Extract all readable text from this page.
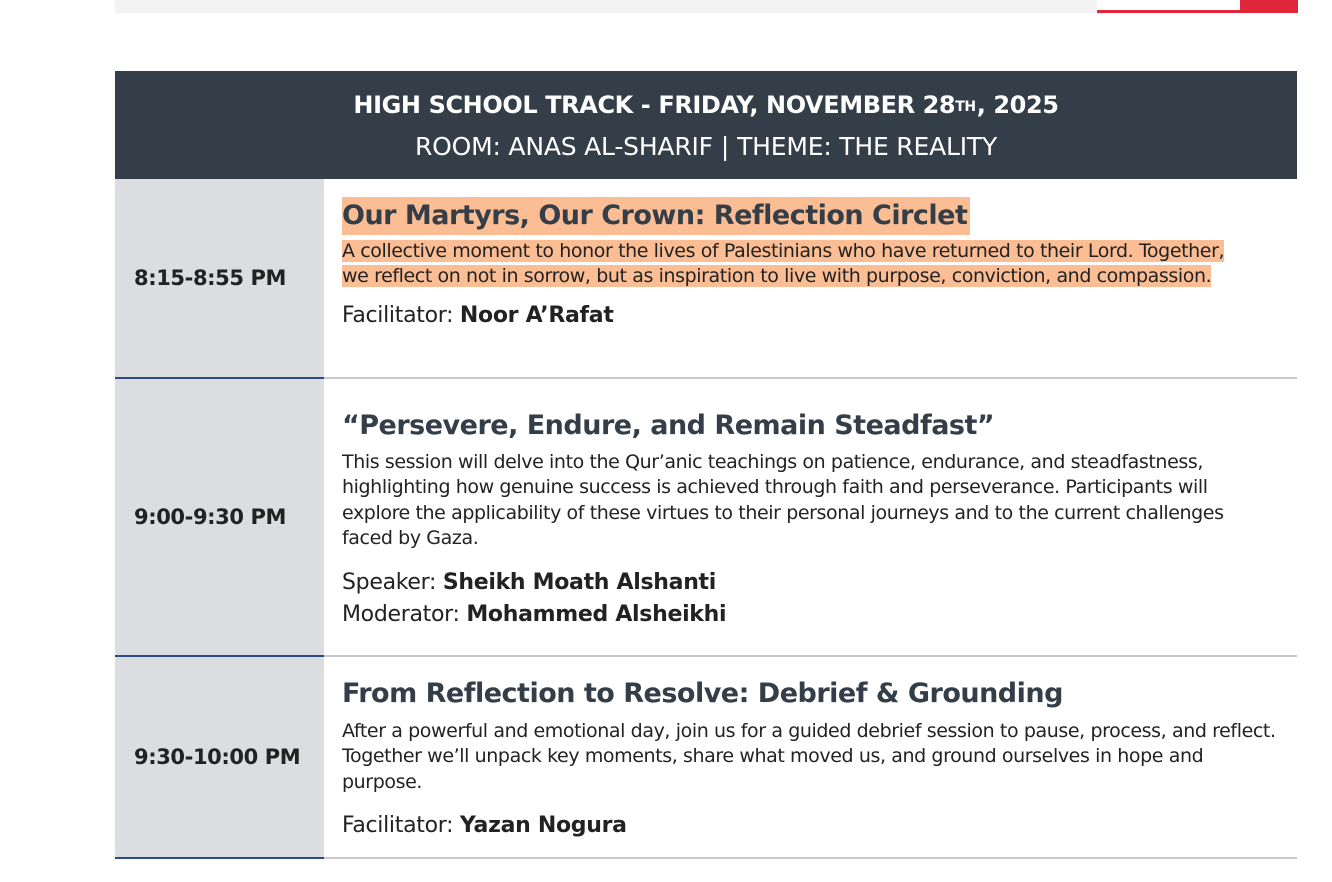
HIGH SCHOOL TRACK - FRIDAY, NOVEMBER 28TH, 2025
ROOM: ANAS AL-SHARIF | THEME: THE REALITY
8:15-8:55 PM
Our Martyrs, Our Crown: Reflection Circlet
A collective moment to honor the lives of Palestinians who have returned to their Lord. Together, we reflect on not in sorrow, but as inspiration to live with purpose, conviction, and compassion.
Facilitator: Noor A’Rafat
9:00-9:30 PM
“Persevere, Endure, and Remain Steadfast”
This session will delve into the Qur’anic teachings on patience, endurance, and steadfastness, highlighting how genuine success is achieved through faith and perseverance. Participants will explore the applicability of these virtues to their personal journeys and to the current challenges faced by Gaza.
Speaker: Sheikh Moath Alshanti
Moderator: Mohammed Alsheikhi
9:30-10:00 PM
From Reflection to Resolve: Debrief & Grounding
After a powerful and emotional day, join us for a guided debrief session to pause, process, and reflect. Together we’ll unpack key moments, share what moved us, and ground ourselves in hope and purpose.
Facilitator: Yazan Nogura
